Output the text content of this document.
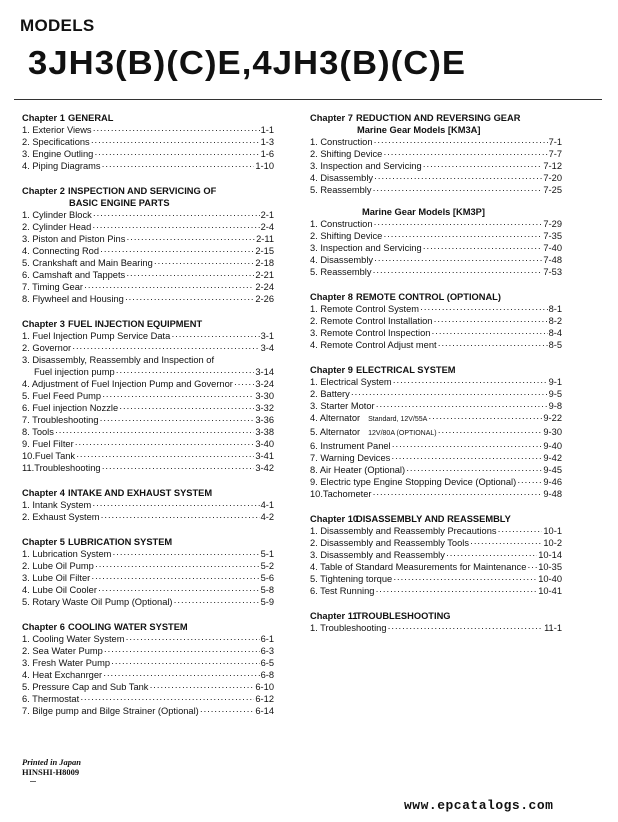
MODELS
3JH3(B)(C)E,4JH3(B)(C)E
Chapter 1 GENERAL
1. Exterior Views ·····	1-1
2. Specifications ·····	1-3
3. Engine Outling ·····	1-6
4. Piping Diagrams ·····	1-10
Chapter 2 INSPECTION AND SERVICING OF
BASIC ENGINE PARTS
1. Cylinder Block ·····	2-1
2. Cylinder Head ·····	2-4
3. Piston and Piston Pins ·····	2-11
4. Connecting Rod ·····	2-15
5. Crankshaft and Main Bearing ·····	2-18
6. Camshaft and Tappets ·····	2-21
7. Timing Gear ·····	2-24
8. Flywheel and Housing ·····	2-26
Chapter 3 FUEL INJECTION EQUIPMENT
1. Fuel Injection Pump Service Data ·····	3-1
2. Governor ·····	3-4
3. Disassembly, Reassembly and Inspection of
Fuel injection pump ·····	3-14
4. Adjustment of Fuel Injection Pump and Governor ····· 3-24
5. Fuel Feed Pump ·····	3-30
6. Fuel injection Nozzle ·····	3-32
7. Troubleshooting ·····	3-36
8. Tools ·····	3-38
9. Fuel Filter ·····	3-40
10.Fuel Tank ·····	3-41
11.Troubleshooting ·····	3-42
Chapter 4 INTAKE AND EXHAUST SYSTEM
1. Intank System ·····	4-1
2. Exhaust System ·····	4-2
Chapter 5 LUBRICATION SYSTEM
1. Lubrication System ·····	5-1
2. Lube Oil Pump ·····	5-2
3. Lube Oil Filter ·····	5-6
4. Lube Oil Cooler ·····	5-8
5. Rotary Waste Oil Pump (Optional) ·····	5-9
Chapter 6 COOLING WATER SYSTEM
1. Cooling Water System ·····	6-1
2. Sea Water Pump ·····	6-3
3. Fresh Water Pump ·····	6-5
4. Heat Exchanrger ·····	6-8
5. Pressure Cap and Sub Tank ·····	6-10
6. Thermostat ·····	6-12
7. Bilge pump and Bilge Strainer (Optional) ·····	6-14
Chapter 7 REDUCTION AND REVERSING GEAR
Marine Gear Models [KM3A]
1. Construction ·····	7-1
2. Shifting Device ·····	7-7
3. Inspection and Servicing ·····	7-12
4. Disassembly ·····	7-20
5. Reassembly ·····	7-25
Marine Gear Models [KM3P]
1. Construction ·····	7-29
2. Shifting Device ·····	7-35
3. Inspection and Servicing ·····	7-40
4. Disassembly ·····	7-48
5. Reassembly ·····	7-53
Chapter 8 REMOTE CONTROL (OPTIONAL)
1. Remote Control System ·····	8-1
2. Remote Control Installation ·····	8-2
3. Remote Control Inspection ·····	8-4
4. Remote Control Adjust ment ·····	8-5
Chapter 9 ELECTRICAL SYSTEM
1. Electrical System ·····	9-1
2. Battery ·····	9-5
3. Starter Motor ·····	9-8
4. Alternator Standard, 12V/55A ·····	9-22
5. Alternator 12V/80A (OPTIONAL) ·····	9-30
6. Instrument Panel ·····	9-40
7. Warning Devices ·····	9-42
8. Air Heater (Optional) ·····	9-45
9. Electric type Engine Stopping Device (Optional) ·····	9-46
10.Tachometer ·····	9-48
Chapter 10DISASSEMBLY AND REASSEMBLY
1. Disassembly and Reassembly Precautions ·····	10-1
2. Disassembly and Reassembly Tools ·····	10-2
3. Disassembly and Reassembly ·····	10-14
4. Table of Standard Measurements for Maintenance ····· 10-35
5. Tightening torque ·····	10-40
6. Test Running ·····	10-41
Chapter 11TROUBLESHOOTING
1. Troubleshooting ·····	11-1
Printed in Japan
HINSHI-H8009
www.epcatalogs.com
